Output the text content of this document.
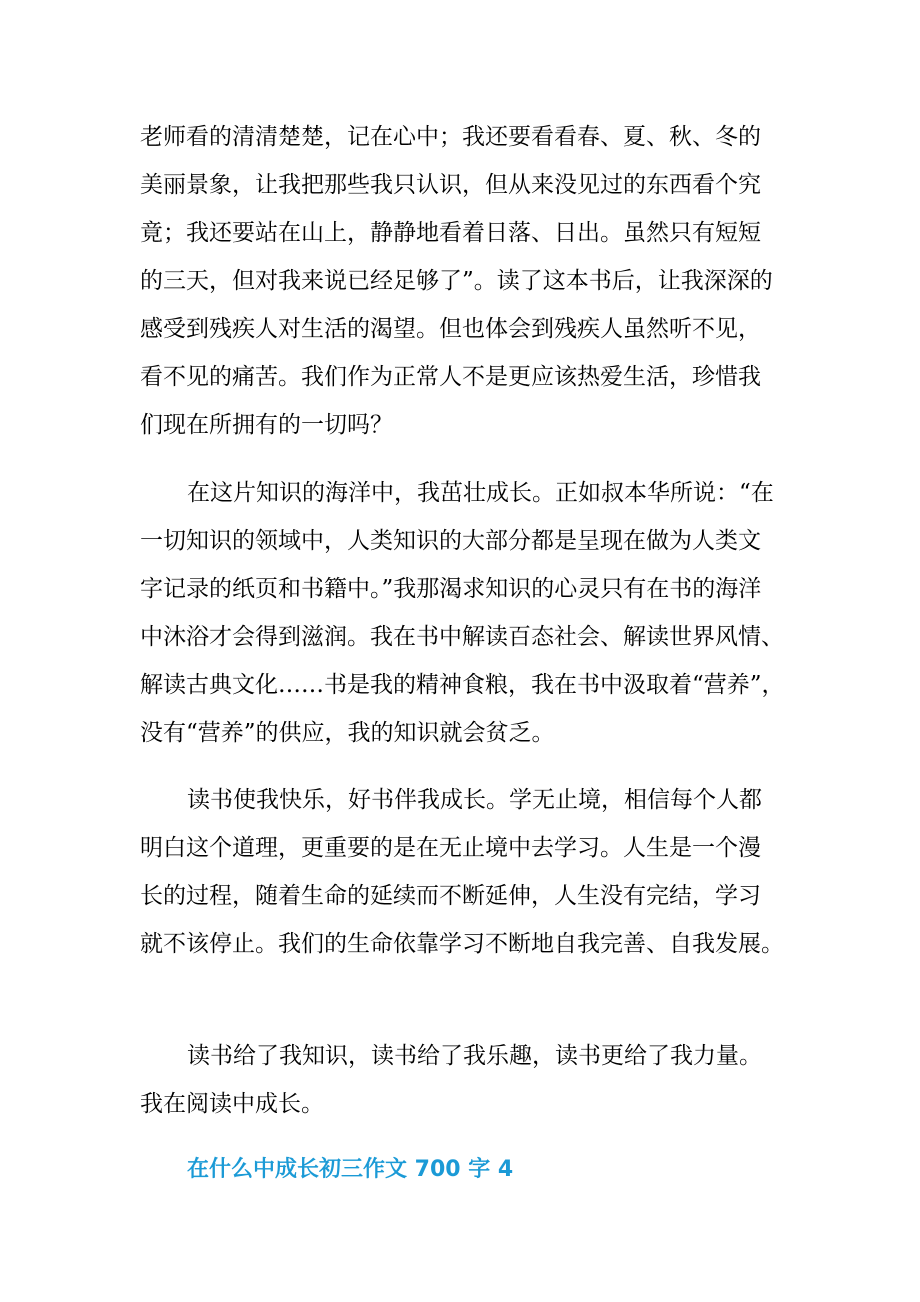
老师看的清清楚楚，记在心中；我还要看看春、夏、秋、冬的
美丽景象，让我把那些我只认识，但从来没见过的东西看个究
竟；我还要站在山上，静静地看着日落、日出。虽然只有短短
的三天，但对我来说已经足够了”。读了这本书后，让我深深的
感受到残疾人对生活的渴望。但也体会到残疾人虽然听不见，
看不见的痛苦。我们作为正常人不是更应该热爱生活，珍惜我
们现在所拥有的一切吗？
在这片知识的海洋中，我茁壮成长。正如叔本华所说：“在
一切知识的领域中，人类知识的大部分都是呈现在做为人类文
字记录的纸页和书籍中。”我那渴求知识的心灵只有在书的海洋
中沐浴才会得到滋润。我在书中解读百态社会、解读世界风情、
解读古典文化……书是我的精神食粮，我在书中汲取着“营养”，
没有“营养”的供应，我的知识就会贫乏。
读书使我快乐，好书伴我成长。学无止境，相信每个人都
明白这个道理，更重要的是在无止境中去学习。人生是一个漫
长的过程，随着生命的延续而不断延伸，人生没有完结，学习
就不该停止。我们的生命依靠学习不断地自我完善、自我发展。
读书给了我知识，读书给了我乐趣，读书更给了我力量。
我在阅读中成长。
在什么中成长初三作文 700 字 4
